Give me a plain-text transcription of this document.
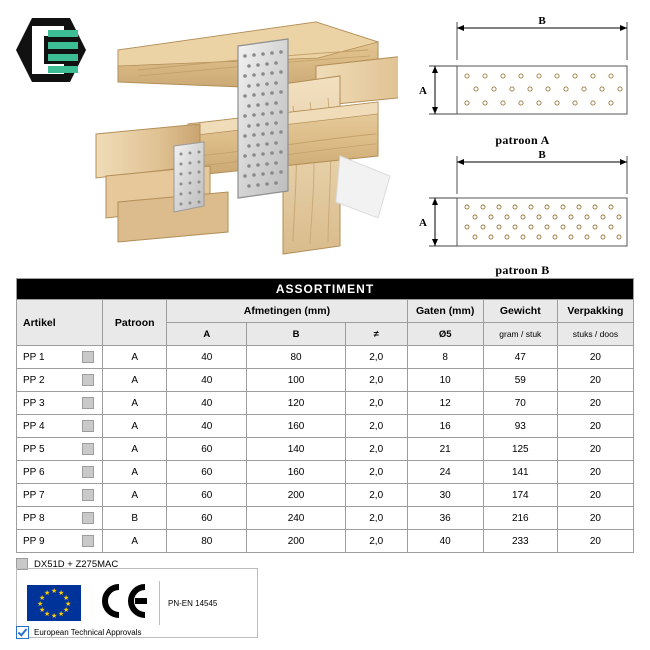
B
A
patroon A
B
A
patroon B
ASSORTIMENT							
Artikel	Patroon	Afmetingen (mm)			Gaten (mm)	Gewicht	Verpakking
		A	B	≠	Ø5	gram / stuk	stuks / doos
PP 1	A	40	80	2,0	8	47	20
PP 2	A	40	100	2,0	10	59	20
PP 3	A	40	120	2,0	12	70	20
PP 4	A	40	160	2,0	16	93	20
PP 5	A	60	140	2,0	21	125	20
PP 6	A	60	160	2,0	24	141	20
PP 7	A	60	200	2,0	30	174	20
PP 8	B	60	240	2,0	36	216	20
PP 9	A	80	200	2,0	40	233	20
DX51D + Z275MAC
★ ★
★
★
★
★
★
★
★
★
★
★
PN-EN 14545
European Technical Approvals
